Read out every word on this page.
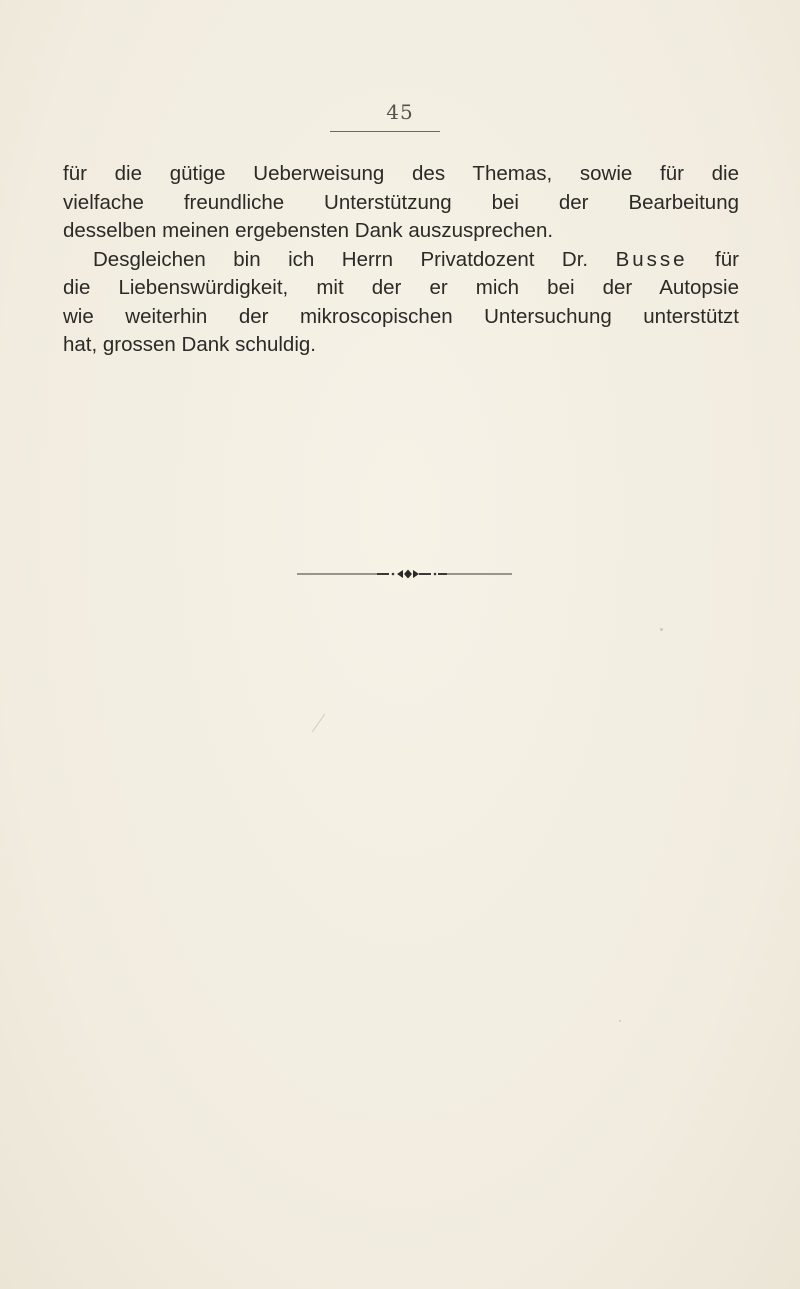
45
für die gütige Ueberweisung des Themas, sowie für die
vielfache freundliche Unterstützung bei der Bearbeitung
desselben meinen ergebensten Dank auszusprechen.
Desgleichen bin ich Herrn Privatdozent Dr. Busse für
die Liebenswürdigkeit, mit der er mich bei der Autopsie
wie weiterhin der mikroscopischen Untersuchung unterstützt
hat, grossen Dank schuldig.
